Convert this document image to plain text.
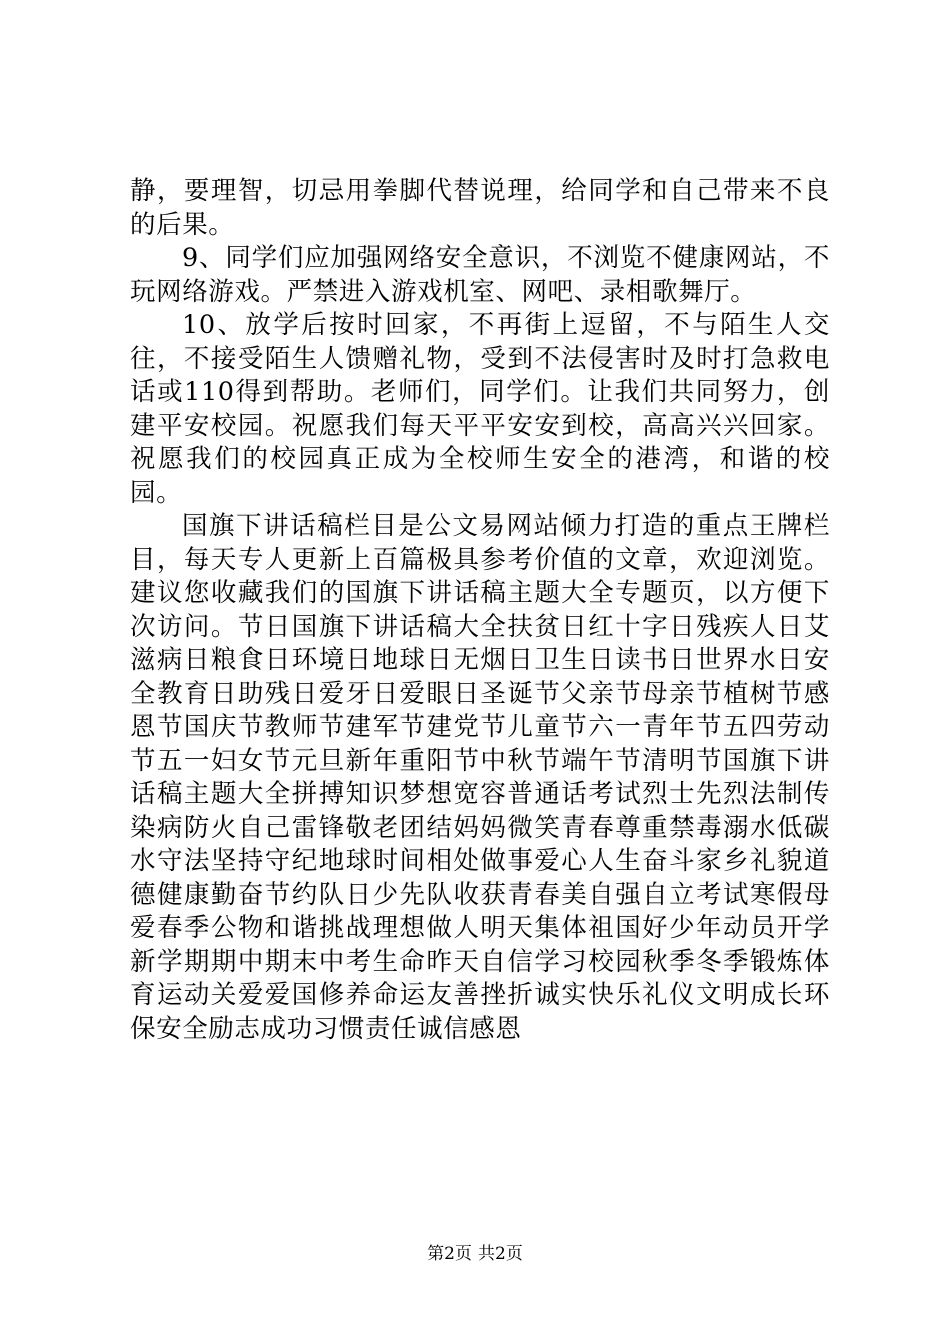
静，要理智，切忌用拳脚代替说理，给同学和自己带来不良的后果。

9、同学们应加强网络安全意识，不浏览不健康网站，不玩网络游戏。严禁进入游戏机室、网吧、录相歌舞厅。

10、放学后按时回家，不再街上逗留，不与陌生人交往，不接受陌生人馈赠礼物，受到不法侵害时及时打急救电话或110得到帮助。老师们，同学们。让我们共同努力，创建平安校园。祝愿我们每天平平安安到校，高高兴兴回家。祝愿我们的校园真正成为全校师生安全的港湾，和谐的校园。

国旗下讲话稿栏目是公文易网站倾力打造的重点王牌栏目，每天专人更新上百篇极具参考价值的文章，欢迎浏览。建议您收藏我们的国旗下讲话稿主题大全专题页，以方便下次访问。节日国旗下讲话稿大全扶贫日红十字日残疾人日艾滋病日粮食日环境日地球日无烟日卫生日读书日世界水日安全教育日助残日爱牙日爱眼日圣诞节父亲节母亲节植树节感恩节国庆节教师节建军节建党节儿童节六一青年节五四劳动节五一妇女节元旦新年重阳节中秋节端午节清明节国旗下讲话稿主题大全拼搏知识梦想宽容普通话考试烈士先烈法制传染病防火自己雷锋敬老团结妈妈微笑青春尊重禁毒溺水低碳水守法坚持守纪地球时间相处做事爱心人生奋斗家乡礼貌道德健康勤奋节约队日少先队收获青春美自强自立考试寒假母爱春季公物和谐挑战理想做人明天集体祖国好少年动员开学新学期期中期末中考生命昨天自信学习校园秋季冬季锻炼体育运动关爱爱国修养命运友善挫折诚实快乐礼仪文明成长环保安全励志成功习惯责任诚信感恩

第2页 共2页
